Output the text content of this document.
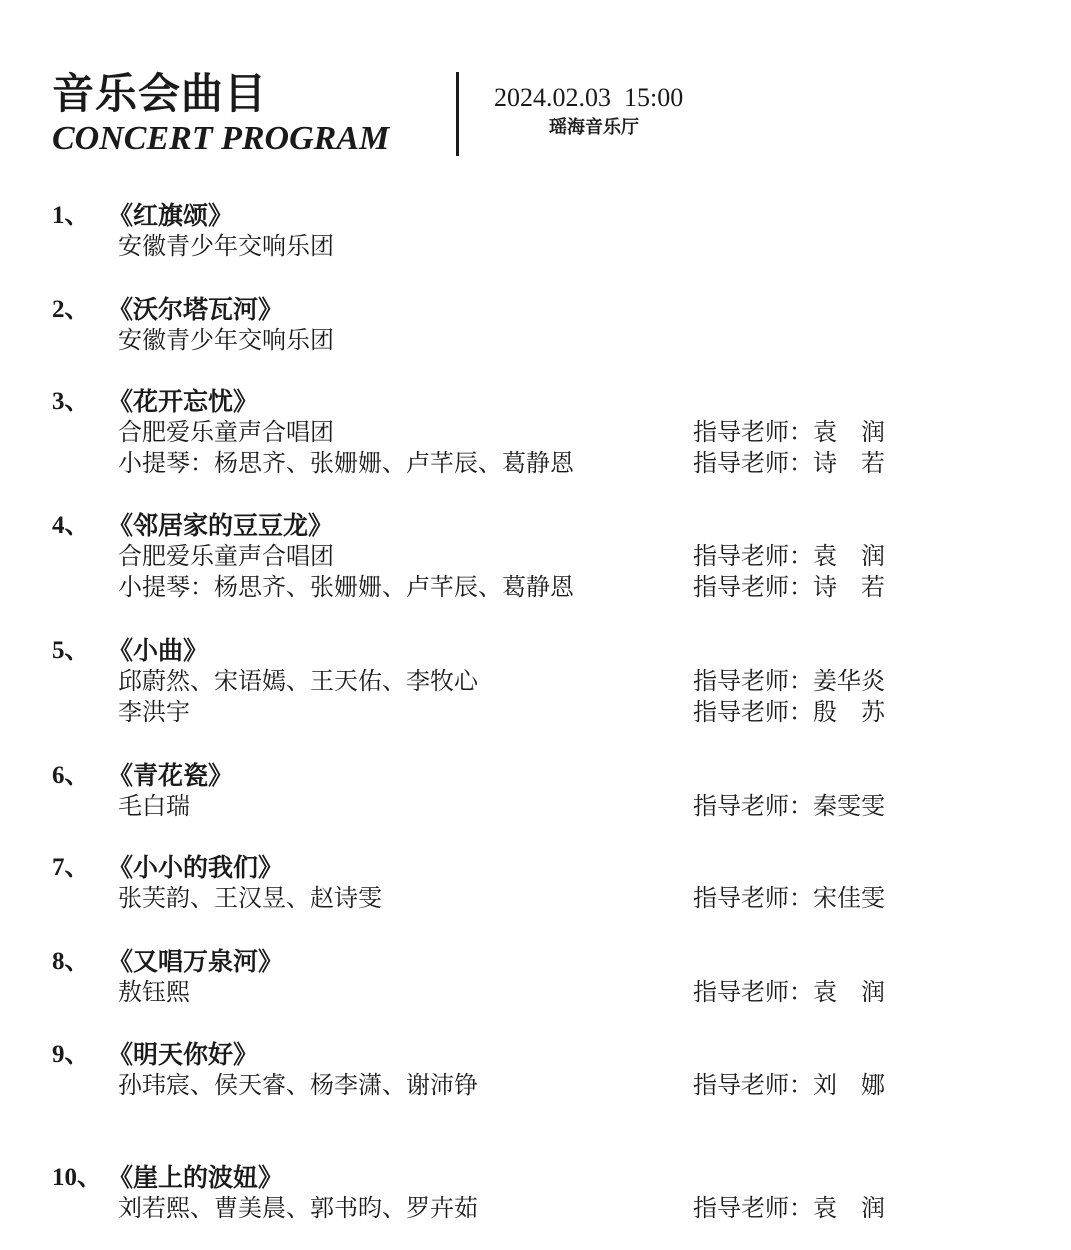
音乐会曲目
CONCERT PROGRAM
2024.02.03  15:00
瑶海音乐厅
1、 《红旗颂》
安徽青少年交响乐团
2、 《沃尔塔瓦河》
安徽青少年交响乐团
3、 《花开忘忧》
合肥爱乐童声合唱团	指导老师：袁　润
小提琴：杨思齐、张姗姗、卢芊辰、葛静恩	指导老师：诗　若
4、 《邻居家的豆豆龙》
合肥爱乐童声合唱团	指导老师：袁　润
小提琴：杨思齐、张姗姗、卢芊辰、葛静恩	指导老师：诗　若
5、 《小曲》
邱蔚然、宋语嫣、王天佑、李牧心	指导老师：姜华炎
李洪宇	指导老师：殷　苏
6、 《青花瓷》
毛白瑞	指导老师：秦雯雯
7、 《小小的我们》
张芙韵、王汉昱、赵诗雯	指导老师：宋佳雯
8、 《又唱万泉河》
敖钰熙	指导老师：袁　润
9、 《明天你好》
孙玮宸、侯天睿、杨李潇、谢沛铮	指导老师：刘　娜
10、 《崖上的波妞》
刘若熙、曹美晨、郭书昀、罗卉茹	指导老师：袁　润
